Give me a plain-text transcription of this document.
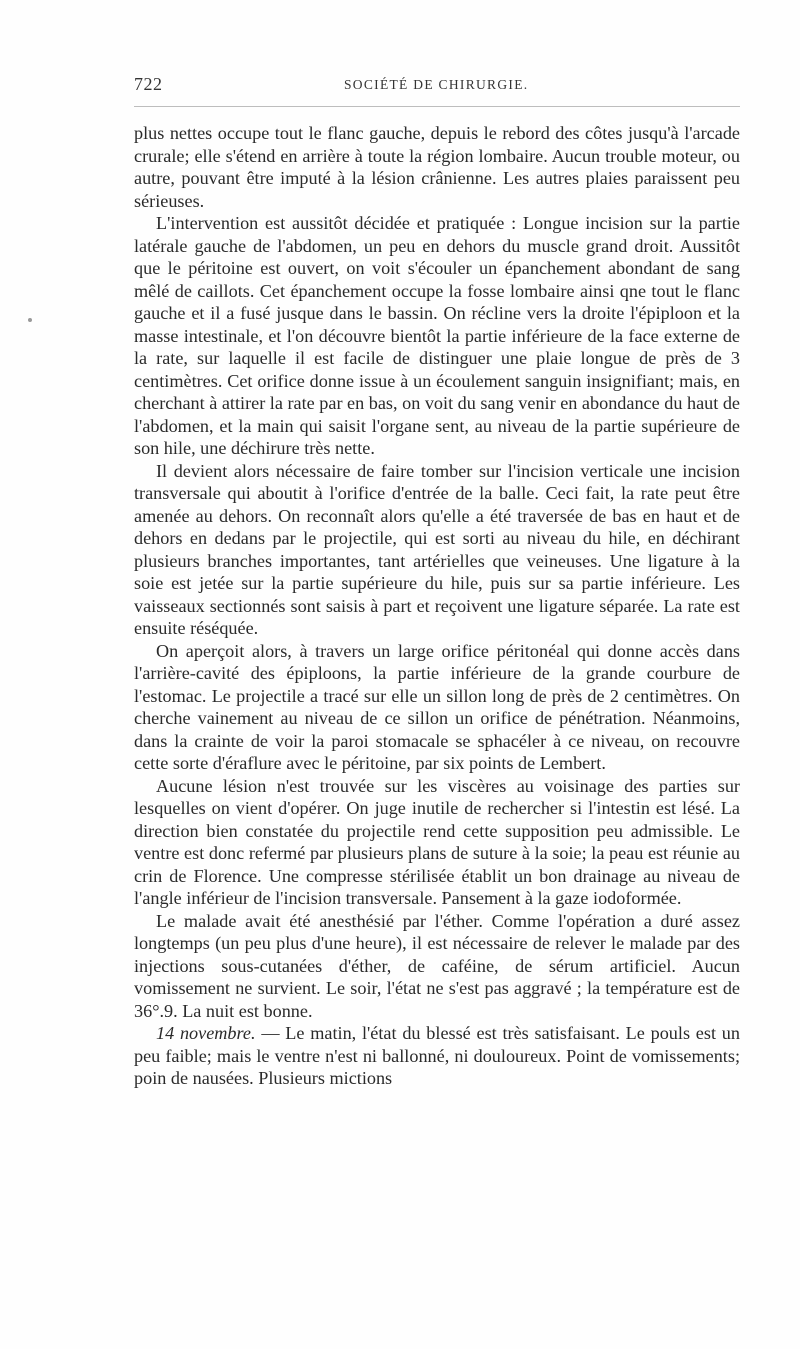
722	SOCIÉTÉ DE CHIRURGIE.

plus nettes occupe tout le flanc gauche, depuis le rebord des côtes jusqu'à l'arcade crurale; elle s'étend en arrière à toute la région lombaire. Aucun trouble moteur, ou autre, pouvant être imputé à la lésion crânienne. Les autres plaies paraissent peu sérieuses.

L'intervention est aussitôt décidée et pratiquée : Longue incision sur la partie latérale gauche de l'abdomen, un peu en dehors du muscle grand droit. Aussitôt que le péritoine est ouvert, on voit s'écouler un épanchement abondant de sang mêlé de caillots. Cet épanchement occupe la fosse lombaire ainsi qne tout le flanc gauche et il a fusé jusque dans le bassin. On récline vers la droite l'épiploon et la masse intestinale, et l'on découvre bientôt la partie inférieure de la face externe de la rate, sur laquelle il est facile de distinguer une plaie longue de près de 3 centimètres. Cet orifice donne issue à un écoulement sanguin insignifiant; mais, en cherchant à attirer la rate par en bas, on voit du sang venir en abondance du haut de l'abdomen, et la main qui saisit l'organe sent, au niveau de la partie supérieure de son hile, une déchirure très nette.

Il devient alors nécessaire de faire tomber sur l'incision verticale une incision transversale qui aboutit à l'orifice d'entrée de la balle. Ceci fait, la rate peut être amenée au dehors. On reconnaît alors qu'elle a été traversée de bas en haut et de dehors en dedans par le projectile, qui est sorti au niveau du hile, en déchirant plusieurs branches importantes, tant artérielles que veineuses. Une ligature à la soie est jetée sur la partie supérieure du hile, puis sur sa partie inférieure. Les vaisseaux sectionnés sont saisis à part et reçoivent une ligature séparée. La rate est ensuite réséquée.

On aperçoit alors, à travers un large orifice péritonéal qui donne accès dans l'arrière-cavité des épiploons, la partie inférieure de la grande courbure de l'estomac. Le projectile a tracé sur elle un sillon long de près de 2 centimètres. On cherche vainement au niveau de ce sillon un orifice de pénétration. Néanmoins, dans la crainte de voir la paroi stomacale se sphacéler à ce niveau, on recouvre cette sorte d'éraflure avec le péritoine, par six points de Lembert.

Aucune lésion n'est trouvée sur les viscères au voisinage des parties sur lesquelles on vient d'opérer. On juge inutile de rechercher si l'intestin est lésé. La direction bien constatée du projectile rend cette supposition peu admissible. Le ventre est donc refermé par plusieurs plans de suture à la soie; la peau est réunie au crin de Florence. Une compresse stérilisée établit un bon drainage au niveau de l'angle inférieur de l'incision transversale. Pansement à la gaze iodoformée.

Le malade avait été anesthésié par l'éther. Comme l'opération a duré assez longtemps (un peu plus d'une heure), il est nécessaire de relever le malade par des injections sous-cutanées d'éther, de caféine, de sérum artificiel. Aucun vomissement ne survient. Le soir, l'état ne s'est pas aggravé ; la température est de 36°.9. La nuit est bonne.

14 novembre. — Le matin, l'état du blessé est très satisfaisant. Le pouls est un peu faible; mais le ventre n'est ni ballonné, ni douloureux. Point de vomissements; poin de nausées. Plusieurs mictions
